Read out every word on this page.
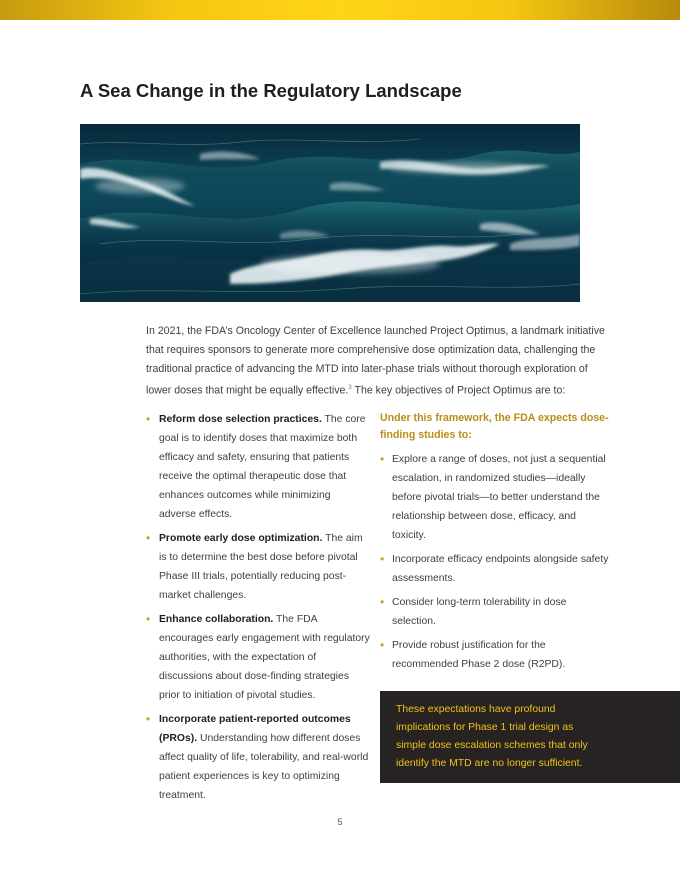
A Sea Change in the Regulatory Landscape

In 2021, the FDA’s Oncology Center of Excellence launched Project Optimus, a landmark initiative that requires sponsors to generate more comprehensive dose optimization data, challenging the traditional practice of advancing the MTD into later-phase trials without thorough exploration of lower doses that might be equally effective.$^3$ The key objectives of Project Optimus are to:

• Reform dose selection practices. The core goal is to identify doses that maximize both efficacy and safety, ensuring that patients receive the optimal therapeutic dose that enhances outcomes while minimizing adverse effects.
• Promote early dose optimization. The aim is to determine the best dose before pivotal Phase III trials, potentially reducing post-market challenges.
• Enhance collaboration. The FDA encourages early engagement with regulatory authorities, with the expectation of discussions about dose-finding strategies prior to initiation of pivotal studies.
• Incorporate patient-reported outcomes (PROs). Understanding how different doses affect quality of life, tolerability, and real-world patient experiences is key to optimizing treatment.

Under this framework, the FDA expects dose-finding studies to:

• Explore a range of doses, not just a sequential escalation, in randomized studies—ideally before pivotal trials—to better understand the relationship between dose, efficacy, and toxicity.
• Incorporate efficacy endpoints alongside safety assessments.
• Consider long-term tolerability in dose selection.
• Provide robust justification for the recommended Phase 2 dose (R2PD).

These expectations have profound implications for Phase 1 trial design as simple dose escalation schemes that only identify the MTD are no longer sufficient.

5
